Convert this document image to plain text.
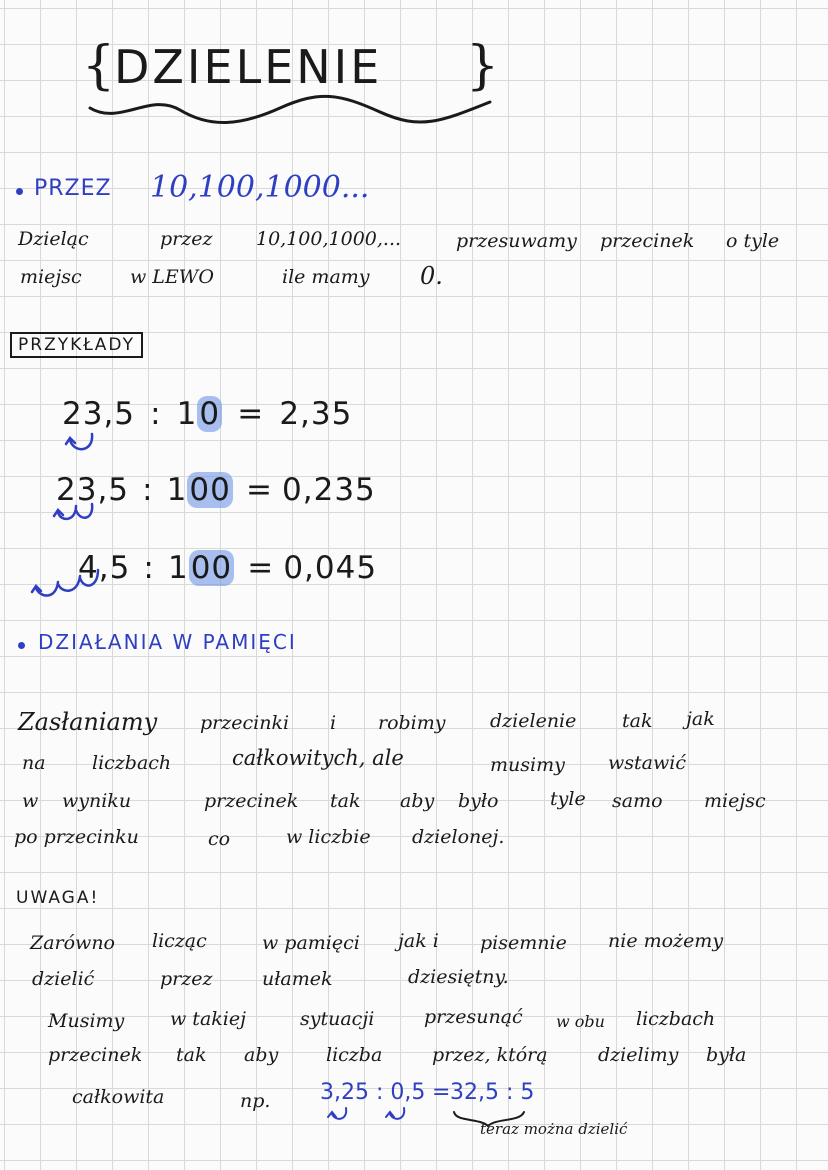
{
DZIELENIE }
PRZEZ 10,100,1000...
Dzieląc	przez 10,100,1000,...	przesuwamy przecinek o tyle
miejsc	w LEWO	ile mamy 0.
PRZYKŁADY
23,5 : 10 = 2,35
23,5 : 100 = 0,235
4,5 : 100 = 0,045
DZIAŁANIA W PAMIĘCI
Zasłaniamy przecinki i robimy dzielenie tak jak
na liczbach	całkowitych, ale	musimy wstawić
w wyniku	przecinek tak aby było	tyle samo miejsc
po przecinku	co	w liczbie dzielonej.
UWAGA!
Zarówno licząc	w pamięci jak i pisemnie nie możemy
dzielić	przez	ułamek	dziesiętny.
Musimy w takiej	sytuacji	przesunąć w obu liczbach
przecinek tak aby	liczba	przez, którą	dzielimy była
całkowita	np. 3,25 : 0,5 = 32,5 : 5
teraz można dzielić
